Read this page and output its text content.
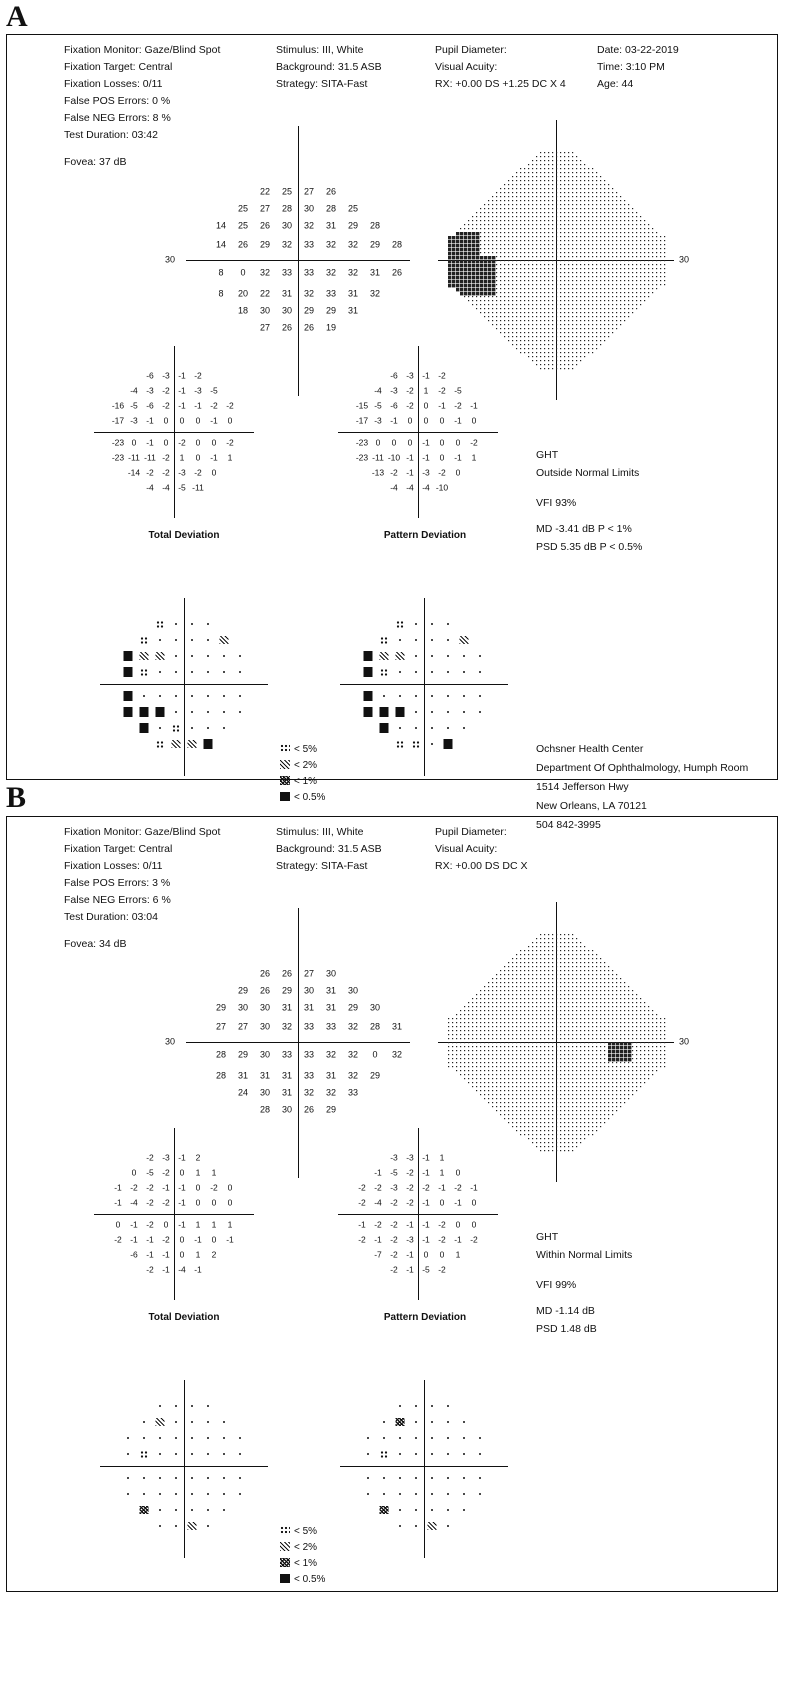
A
Fixation Monitor: Gaze/Blind Spot
Fixation Target: Central
Fixation Losses: 0/11
False POS Errors: 0 %
False NEG Errors: 8 %
Test Duration: 03:42
Stimulus: III, White
Background: 31.5 ASB
Strategy: SITA-Fast
Pupil Diameter:
Visual Acuity:
RX: +0.00 DS +1.25 DC X 4
Date: 03-22-2019
Time: 3:10 PM
Age: 44
Fovea: 37 dB
30
22 25 27 26
25 27 28 30 28 25
14 25 26 30 32 31 29 28
14 26 29 32 33 32 32 29 28
8 0 32 33 33 32 32 31 26
8 20 22 31 32 33 31 32
18 30 30 29 29 31
27 26 26 19
30
-6 -3 -1 -2
-4 -3 -2 -1 -3 -5
-16 -5 -6 -2 -1 -1 -2 -2
-17 -3 -1 0 0 0 -1 0
-23 0 -1 0 -2 0 0 -2
-23 -11 -11 -2 1 0 -1 1
-14 -2 -2 -3 -2 0
-4 -4 -5 -11
-6 -3 -1 -2
-4 -3 -2 1 -2 -5
-15 -5 -6 -2 0 -1 -2 -1
-17 -3 -1 0 0 0 -1 0
-23 0 0 0 -1 0 0 -2
-23 -11 -10 -1 -1 0 -1 1
-13 -2 -1 -3 -2 0
-4 -4 -4 -10
Total Deviation	Pattern Deviation
< 5%
< 2%
< 1%
< 0.5%
GHT
Outside Normal Limits
VFI 93%
MD -3.41 dB P < 1%
PSD 5.35 dB P < 0.5%
Ochsner Health Center
Department Of Ophthalmology, Humph Room
1514 Jefferson Hwy
New Orleans, LA 70121
504 842-3995
B
Fixation Monitor: Gaze/Blind Spot
Fixation Target: Central
Fixation Losses: 0/11
False POS Errors: 3 %
False NEG Errors: 6 %
Test Duration: 03:04
Stimulus: III, White
Background: 31.5 ASB
Strategy: SITA-Fast
Pupil Diameter:
Visual Acuity:
RX: +0.00 DS DC X
Fovea: 34 dB
30
26 26 27 30
29 26 29 30 31 30
29 30 30 31 31 31 29 30
27 27 30 32 33 33 32 28 31
28 29 30 33 33 32 32 0 32
28 31 31 31 33 31 32 29
24 30 31 32 32 33
28 30 26 29
30
-2 -3 -1 2
0 -5 -2 0 1 1
-1 -2 -2 -1 -1 0 -2 0
-1 -4 -2 -2 -1 0 0 0
0 -1 -2 0 -1 1 1 1
-2 -1 -1 -2 0 -1 0 -1
-6 -1 -1 0 1 2
-2 -1 -4 -1
-3 -3 -1 1
-1 -5 -2 -1 1 0
-2 -2 -3 -2 -2 -1 -2 -1
-2 -4 -2 -2 -1 0 -1 0
-1 -2 -2 -1 -1 -2 0 0
-2 -1 -2 -3 -1 -2 -1 -2
-7 -2 -1 0 0 1
-2 -1 -5 -2
Total Deviation	Pattern Deviation
< 5%
< 2%
< 1%
< 0.5%
GHT
Within Normal Limits
VFI 99%
MD -1.14 dB
PSD 1.48 dB
